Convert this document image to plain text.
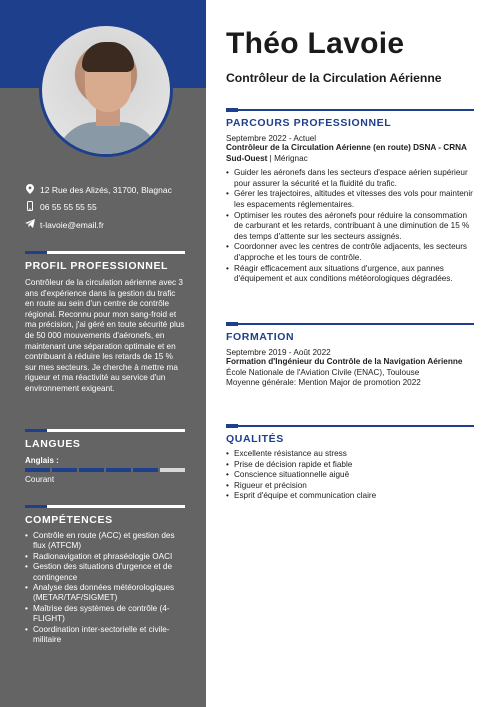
12 Rue des Alizés, 31700, Blagnac
06 55 55 55 55
t-lavoie@email.fr
PROFIL PROFESSIONNEL
Contrôleur de la circulation aérienne avec 3 ans d'expérience dans la gestion du trafic en route au sein d'un centre de contrôle régional. Reconnu pour mon sang-froid et ma précision, j'ai géré en toute sécurité plus de 50 000 mouvements d'aéronefs, en maintenant une séparation optimale et en contribuant à réduire les retards de 15 % sur mes secteurs. Je cherche à mettre ma rigueur et ma réactivité au service d'un environnement exigeant.
LANGUES
Anglais :
Courant
COMPÉTENCES
• Contrôle en route (ACC) et gestion des flux (ATFCM)
• Radionavigation et phraséologie OACI
• Gestion des situations d'urgence et de contingence
• Analyse des données météorologiques (METAR/TAF/SIGMET)
• Maîtrise des systèmes de contrôle (4-FLIGHT)
• Coordination inter-sectorielle et civile-militaire
Théo Lavoie
Contrôleur de la Circulation Aérienne
PARCOURS PROFESSIONNEL
Septembre 2022 - Actuel
Contrôleur de la Circulation Aérienne (en route) DSNA - CRNA Sud-Ouest | Mérignac
• Guider les aéronefs dans les secteurs d'espace aérien supérieur pour assurer la sécurité et la fluidité du trafic.
• Gérer les trajectoires, altitudes et vitesses des vols pour maintenir les espacements réglementaires.
• Optimiser les routes des aéronefs pour réduire la consommation de carburant et les retards, contribuant à une diminution de 15 % des temps d'attente sur les secteurs assignés.
• Coordonner avec les centres de contrôle adjacents, les secteurs d'approche et les tours de contrôle.
• Réagir efficacement aux situations d'urgence, aux pannes d'équipement et aux conditions météorologiques dégradées.
FORMATION
Septembre 2019 - Août 2022
Formation d'Ingénieur du Contrôle de la Navigation Aérienne
École Nationale de l'Aviation Civile (ENAC), Toulouse
Moyenne générale: Mention Major de promotion 2022
QUALITÉS
• Excellente résistance au stress
• Prise de décision rapide et fiable
• Conscience situationnelle aiguë
• Rigueur et précision
• Esprit d'équipe et communication claire
